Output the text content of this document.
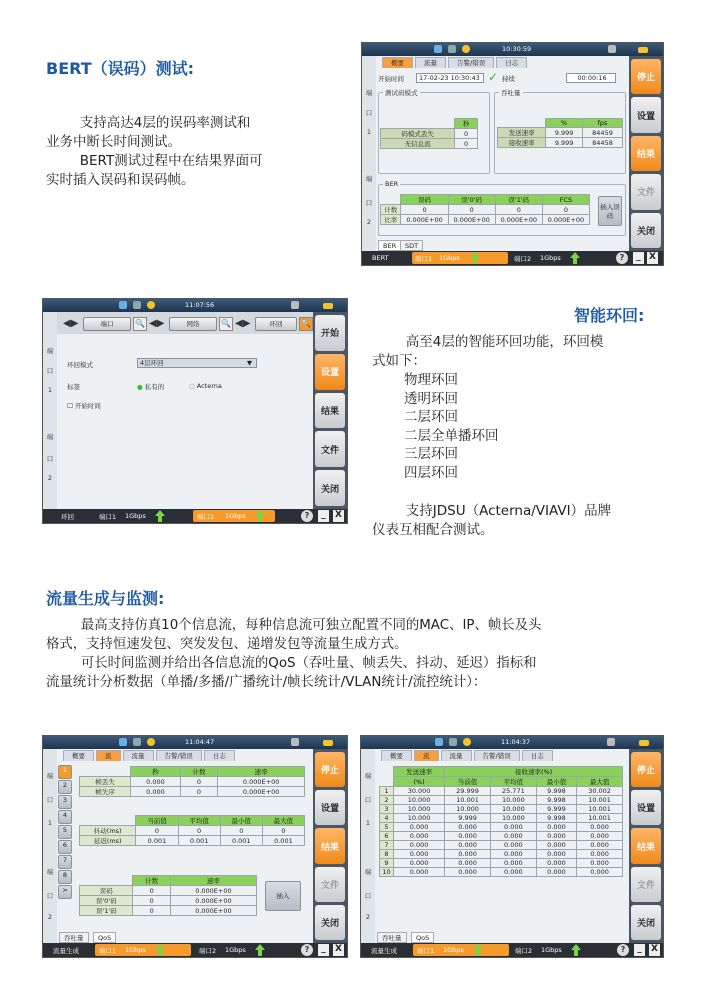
BERT（误码）测试:

支持高达4层的误码率测试和

业务中断长时间测试。

BERT测试过程中在结果界面可

实时插入误码和误码帧。

10:30:59
端
口
1
端
口
2
概要	流量	告警/错误	日志
开始时间	17-02-23 10:30:43 ✓ 持续	00:00:16
测试码模式
	秒
码模式丢失	0
无信息流	0
吞吐量
	%	fps
发送速率	9.999	84459
接收速率	9.999	84458
BER
	误码	误'0'码	误'1'码	FCS
计数	0	0	0	0
比率	0.000E+00	0.000E+00	0.000E+00	0.000E+00
插入误码
BER	SDT
停止
设置
结果
文件
关闭
BERT	端口1 1Gbps	端口2 1Gbps	?	_ X
智能环回:

高至4层的智能环回功能，环回模

式如下：

物理环回

透明环回

二层环回

二层全单播环回

三层环回

四层环回

支持JDSU（Acterna/VIAVI）品牌

仪表互相配合测试。

11:07:56
端
口
1
端
口
2
◀▶	端口	🔍 ◀▶	网络	🔍 ◀▶	环回	🔍
环回模式	4层环回	▼
标签	● 私有的	○ Acterna
☐ 开始时间
开始
设置
结果
文件
关闭
环回	端口1 1Gbps	端口2 1Gbps	?	_	X
流量生成与监测:

最高支持仿真10个信息流，每种信息流可独立配置不同的MAC、IP、帧长及头

格式，支持恒速发包、突发发包、递增发包等流量生成方式。

可长时间监测并给出各信息流的QoS（吞吐量、帧丢失、抖动、延迟）指标和

流量统计分析数据（单播/多播/广播统计/帧长统计/VLAN统计/流控统计）：

11:04:47
端
口
1
端
口
2
概要	流	流量	告警/错误	日志
1
2
3
4
5
6
7
8
>
	秒	计数	速率
帧丢失	0.000	0	0.000E+00
帧失序	0.000	0	0.000E+00
	当前值	平均值	最小值	最大值
抖动(ms)	0	0	0	0
延迟(ms)	0.001	0.001	0.001	0.001
	计数	速率
误码	0	0.000E+00
误'0'码	0	0.000E+00
误'1'码	0	0.000E+00
插入
吞吐量	QoS
停止
设置
结果
文件
关闭
流量生成	端口1 1Gbps	端口2 1Gbps	?	_	X
11:04:37
端
口
1
端
口
2
概要	流	流量	告警/错误	日志
	发送速率	接收速率(%)			
	(%)	当前值	平均值	最小值	最大值
1	30.000	29.999	25.771	9.998	30.002
2	10.000	10.001	10.000	9.998	10.001
3	10.000	10.000	10.000	9.999	10.001
4	10.000	9.999	10.000	9.998	10.001
5	0.000	0.000	0.000	0.000	0.000
6	0.000	0.000	0.000	0.000	0.000
7	0.000	0.000	0.000	0.000	0.000
8	0.000	0.000	0.000	0.000	0.000
9	0.000	0.000	0.000	0.000	0.000
10	0.000	0.000	0.000	0.000	0.000
吞吐量	QoS
停止
设置
结果
文件
关闭
流量生成	端口1 1Gbps	端口2 1Gbps	?	_	X
